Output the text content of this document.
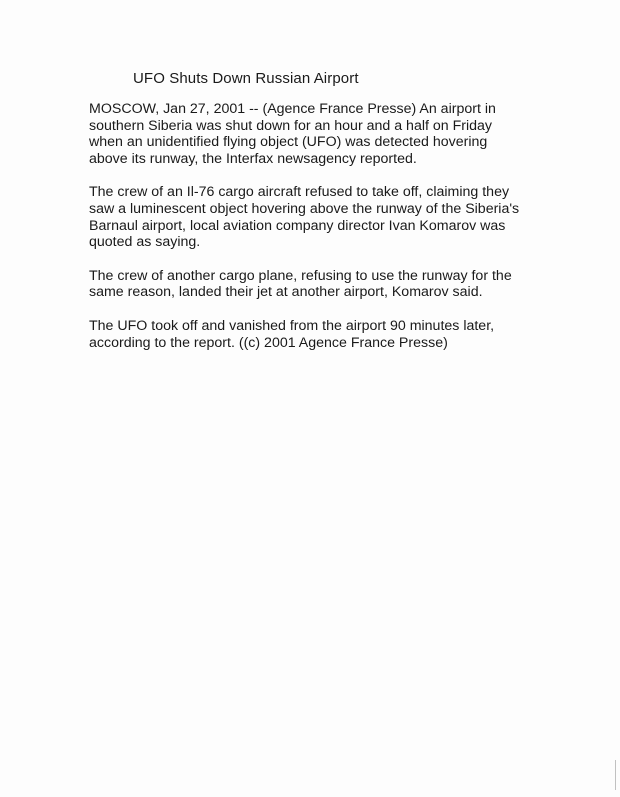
UFO Shuts Down Russian Airport

MOSCOW, Jan 27, 2001 -- (Agence France Presse) An airport in
southern Siberia was shut down for an hour and a half on Friday
when an unidentified flying object (UFO) was detected hovering
above its runway, the Interfax newsagency reported.

The crew of an Il-76 cargo aircraft refused to take off, claiming they
saw a luminescent object hovering above the runway of the Siberia's
Barnaul airport, local aviation company director Ivan Komarov was
quoted as saying.

The crew of another cargo plane, refusing to use the runway for the
same reason, landed their jet at another airport, Komarov said.

The UFO took off and vanished from the airport 90 minutes later,
according to the report. ((c) 2001 Agence France Presse)
